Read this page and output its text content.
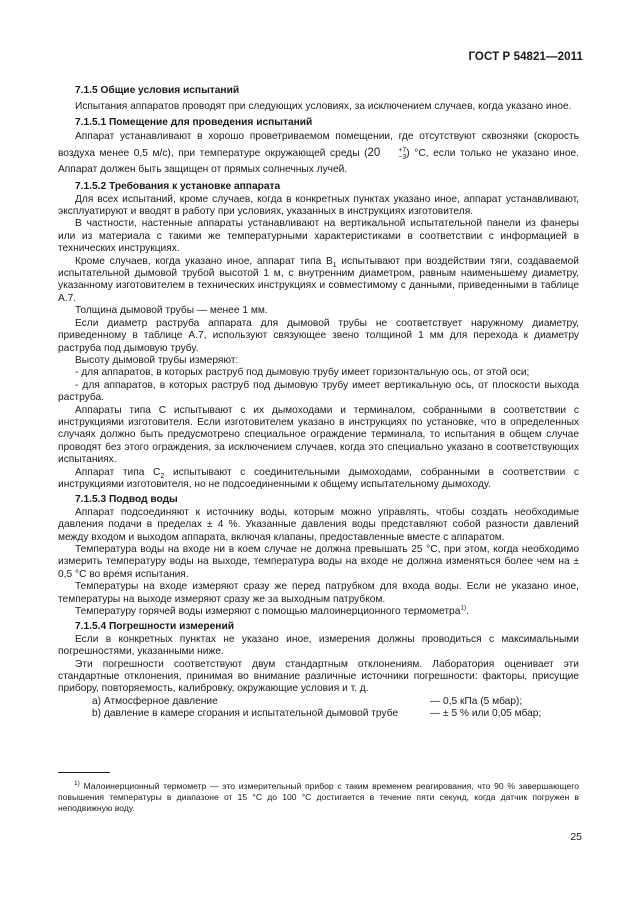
ГОСТ Р 54821—2011

7.1.5 Общие условия испытаний

Испытания аппаратов проводят при следующих условиях, за исключением случаев, когда указано иное.

7.1.5.1 Помещение для проведения испытаний

Аппарат устанавливают в хорошо проветриваемом помещении, где отсутствуют сквозняки (скорость воздуха менее 0,5 м/с), при температуре окружающей среды (20	+7
−3 ) °С, если только не указано иное. Аппарат должен быть защищен от прямых солнечных лучей.

7.1.5.2 Требования к установке аппарата

Для всех испытаний, кроме случаев, когда в конкретных пунктах указано иное, аппарат устанавливают, эксплуатируют и вводят в работу при условиях, указанных в инструкциях изготовителя.

В частности, настенные аппараты устанавливают на вертикальной испытательной панели из фанеры или из материала с такими же температурными характеристиками в соответствии с информацией в технических инструкциях.

Кроме случаев, когда указано иное, аппарат типа $В_1$ испытывают при воздействии тяги, создаваемой испытательной дымовой трубой высотой 1 м, с внутренним диаметром, равным наименьшему диаметру, указанному изготовителем в технических инструкциях и совместимому с данными, приведенными в таблице А.7.

Толщина дымовой трубы — менее 1 мм.

Если диаметр раструба аппарата для дымовой трубы не соответствует наружному диаметру, приведенному в таблице А.7, используют связующее звено толщиной 1 мм для перехода к диаметру раструба под дымовую трубу.

Высоту дымовой трубы измеряют:

- для аппаратов, в которых раструб под дымовую трубу имеет горизонтальную ось, от этой оси;

- для аппаратов, в которых раструб под дымовую трубу имеет вертикальную ось, от плоскости выхода раструба.

Аппараты типа С испытывают с их дымоходами и терминалом, собранными в соответствии с инструкциями изготовителя. Если изготовителем указано в инструкциях по установке, что в определенных случаях должно быть предусмотрено специальное ограждение терминала, то испытания в общем случае проводят без этого ограждения, за исключением случаев, когда это специально указано в соответствующих испытаниях.

Аппарат типа $С_2$ испытывают с соединительными дымоходами, собранными в соответствии с инструкциями изготовителя, но не подсоединенными к общему испытательному дымоходу.

7.1.5.3 Подвод воды

Аппарат подсоединяют к источнику воды, которым можно управлять, чтобы создать необходимые давления подачи в пределах ± 4 %. Указанные давления воды представляют собой разности давлений между входом и выходом аппарата, включая клапаны, предоставленные вместе с аппаратом.

Температура воды на входе ни в коем случае не должна превышать 25 °С, при этом, когда необходимо измерить температуру воды на выходе, температура воды на входе не должна изменяться более чем на ± 0,5 °С во время испытания.

Температуры на входе измеряют сразу же перед патрубком для входа воды. Если не указано иное, температуры на выходе измеряют сразу же за выходным патрубком.

Температуру горячей воды измеряют с помощью малоинерционного термометра$^{1)}$.

7.1.5.4 Погрешности измерений

Если в конкретных пунктах не указано иное, измерения должны проводиться с максимальными погрешностями, указанными ниже.

Эти погрешности соответствуют двум стандартным отклонениям. Лаборатория оценивает эти стандартные отклонения, принимая во внимание различные источники погрешности: факторы, присущие прибору, повторяемость, калибровку, окружающие условия и т. д.

а) Атмосферное давление	— 0,5 кПа (5 мбар);

b) давление в камере сгорания и испытательной дымовой трубе	— ± 5 % или 0,05 мбар;

$^{1)}$ Малоинерционный термометр — это измерительный прибор с таким временем реагирования, что 90 % завершающего повышения температуры в диапазоне от 15 °С до 100 °С достигается в течение пяти секунд, когда датчик погружен в неподвижную воду.
25
